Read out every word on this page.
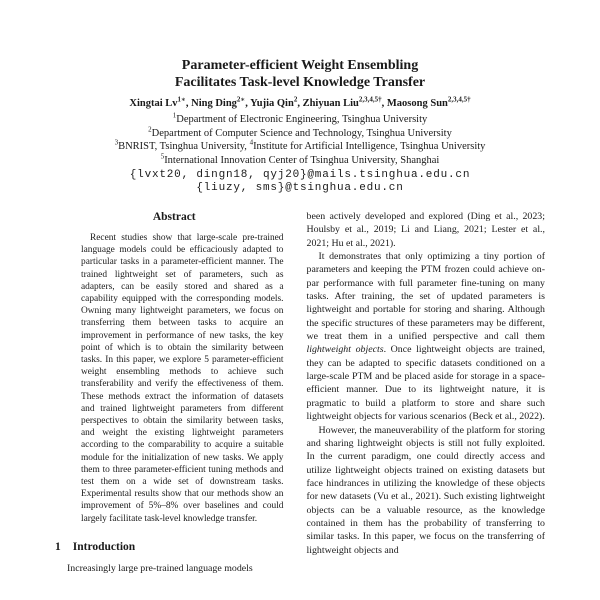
Parameter-efficient Weight Ensembling
Facilitates Task-level Knowledge Transfer
Xingtai $Lv^{1∗}$, Ning Ding$^{2∗}$, Yujia Qin$^2$, Zhiyuan Liu$^{2,3,4,5\dagger}$, Maosong Sun$^{2,3,4,5\dagger}$
$^1$Department of Electronic Engineering, Tsinghua University
$^2$Department of Computer Science and Technology, Tsinghua University
$^3$BNRIST, Tsinghua University, $^4$Institute for Artificial Intelligence, Tsinghua University
$^5$International Innovation Center of Tsinghua University, Shanghai
{lvxt20, dingn18, qyj20}@mails.tsinghua.edu.cn
{liuzy, sms}@tsinghua.edu.cn
Abstract

Recent studies show that large-scale pre-trained language models could be efficaciously adapted to particular tasks in a parameter-efficient manner. The trained lightweight set of parameters, such as adapters, can be easily stored and shared as a capability equipped with the corresponding models. Owning many lightweight parameters, we focus on transferring them between tasks to acquire an improvement in performance of new tasks, the key point of which is to obtain the similarity between tasks. In this paper, we explore 5 parameter-efficient weight ensembling methods to achieve such transferability and verify the effectiveness of them. These methods extract the information of datasets and trained lightweight parameters from different perspectives to obtain the similarity between tasks, and weight the existing lightweight parameters according to the comparability to acquire a suitable module for the initialization of new tasks. We apply them to three parameter-efficient tuning methods and test them on a wide set of downstream tasks. Experimental results show that our methods show an improvement of 5%–8% over baselines and could largely facilitate task-level knowledge transfer.

1 Introduction

Increasingly large pre-trained language models

been actively developed and explored (Ding et al., 2023; Houlsby et al., 2019; Li and Liang, 2021; Lester et al., 2021; Hu et al., 2021).

It demonstrates that only optimizing a tiny portion of parameters and keeping the PTM frozen could achieve on-par performance with full parameter fine-tuning on many tasks. After training, the set of updated parameters is lightweight and portable for storing and sharing. Although the specific structures of these parameters may be different, we treat them in a unified perspective and call them lightweight objects. Once lightweight objects are trained, they can be adapted to specific datasets conditioned on a large-scale PTM and be placed aside for storage in a space-efficient manner. Due to its lightweight nature, it is pragmatic to build a platform to store and share such lightweight objects for various scenarios (Beck et al., 2022).

However, the maneuverability of the platform for storing and sharing lightweight objects is still not fully exploited. In the current paradigm, one could directly access and utilize lightweight objects trained on existing datasets but face hindrances in utilizing the knowledge of these objects for new datasets (Vu et al., 2021). Such existing lightweight objects can be a valuable resource, as the knowledge contained in them has the probability of transferring to similar tasks. In this paper, we focus on the transferring of lightweight objects and
